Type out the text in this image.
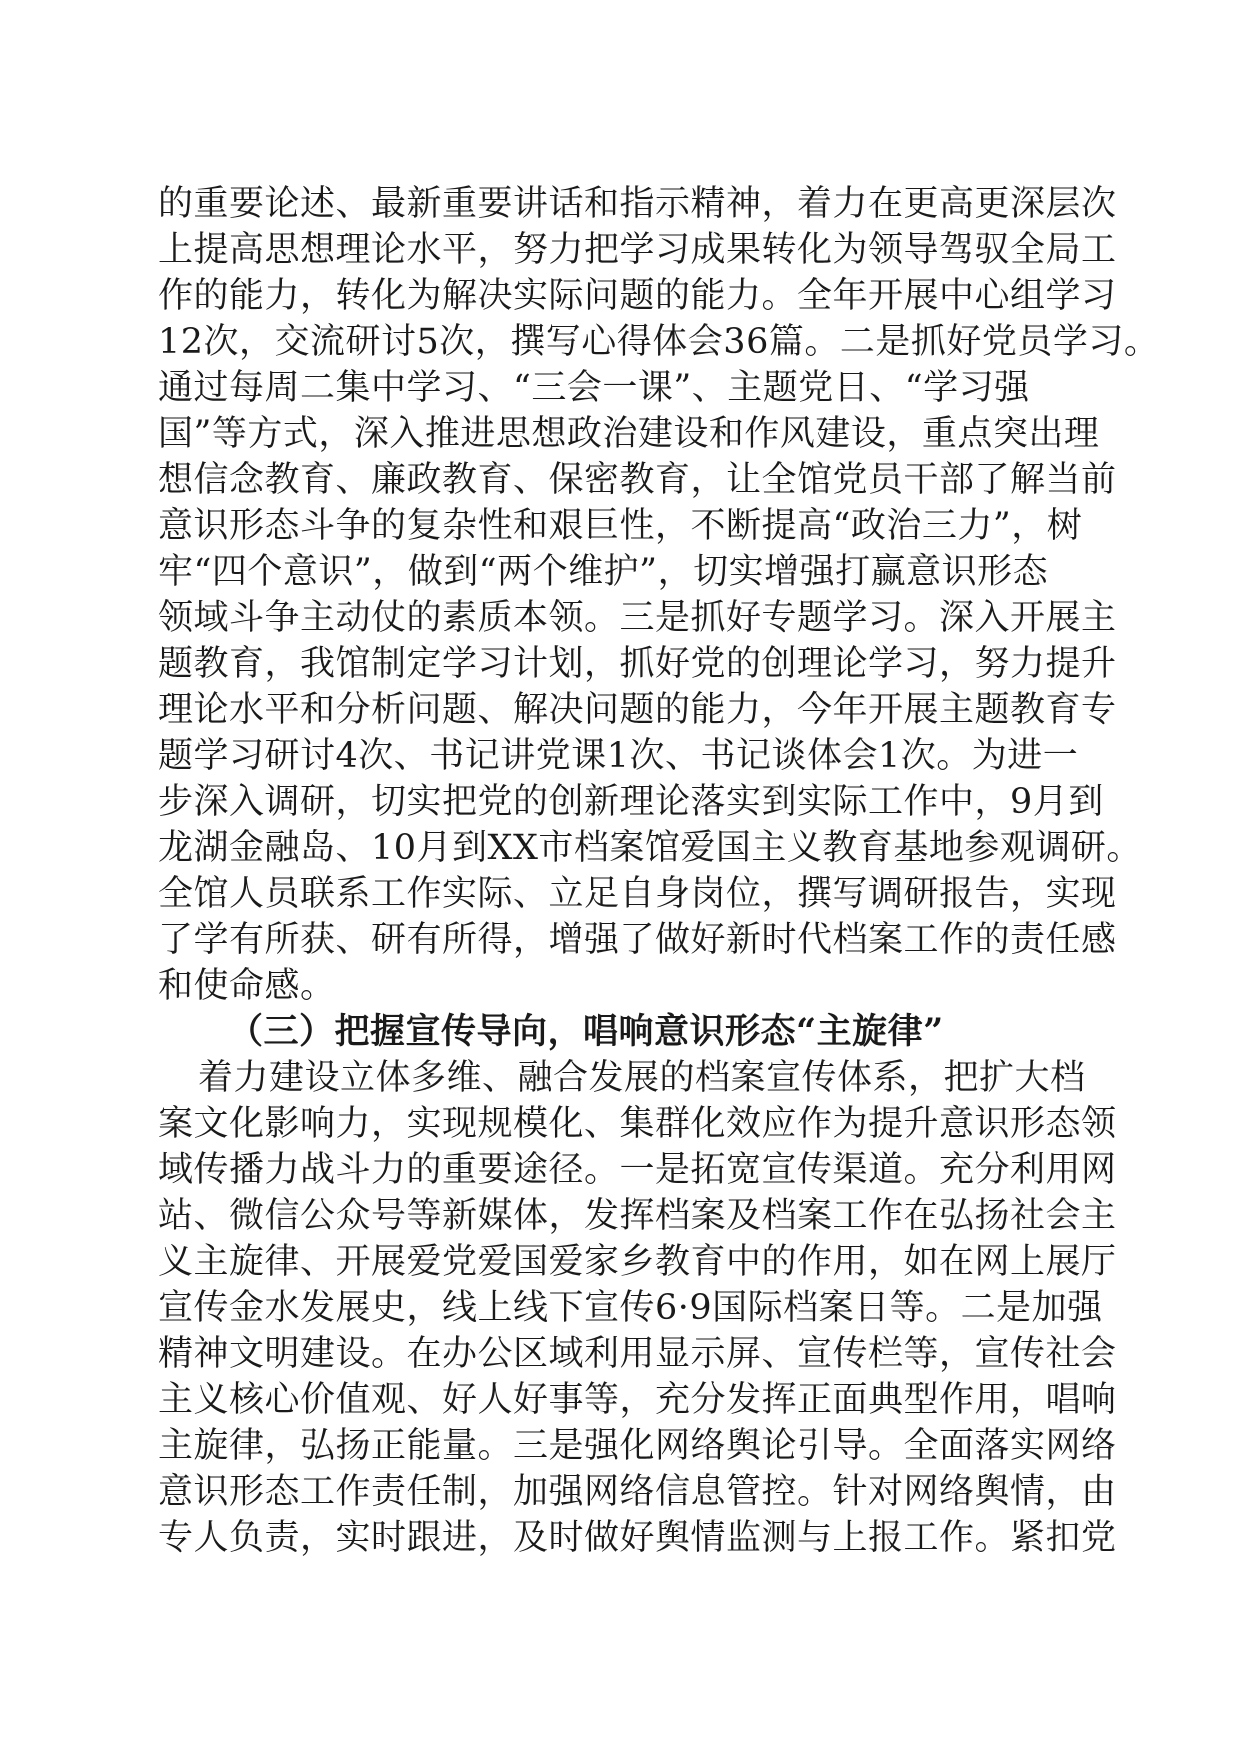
的重要论述、最新重要讲话和指示精神，着力在更高更深层次
上提高思想理论水平，努力把学习成果转化为领导驾驭全局工
作的能力，转化为解决实际问题的能力。全年开展中心组学习
12次，交流研讨5次，撰写心得体会36篇。二是抓好党员学习。
通过每周二集中学习、“三会一课”、主题党日、“学习强
国”等方式，深入推进思想政治建设和作风建设，重点突出理
想信念教育、廉政教育、保密教育，让全馆党员干部了解当前
意识形态斗争的复杂性和艰巨性，不断提高“政治三力”，树
牢“四个意识”，做到“两个维护”，切实增强打赢意识形态
领域斗争主动仗的素质本领。三是抓好专题学习。深入开展主
题教育，我馆制定学习计划，抓好党的创理论学习，努力提升
理论水平和分析问题、解决问题的能力，今年开展主题教育专
题学习研讨4次、书记讲党课1次、书记谈体会1次。为进一
步深入调研，切实把党的创新理论落实到实际工作中，9月到
龙湖金融岛、10月到XX市档案馆爱国主义教育基地参观调研。
全馆人员联系工作实际、立足自身岗位，撰写调研报告，实现
了学有所获、研有所得，增强了做好新时代档案工作的责任感
和使命感。
（三）把握宣传导向，唱响意识形态“主旋律”
着力建设立体多维、融合发展的档案宣传体系，把扩大档
案文化影响力，实现规模化、集群化效应作为提升意识形态领
域传播力战斗力的重要途径。一是拓宽宣传渠道。充分利用网
站、微信公众号等新媒体，发挥档案及档案工作在弘扬社会主
义主旋律、开展爱党爱国爱家乡教育中的作用，如在网上展厅
宣传金水发展史，线上线下宣传6·9国际档案日等。二是加强
精神文明建设。在办公区域利用显示屏、宣传栏等，宣传社会
主义核心价值观、好人好事等，充分发挥正面典型作用，唱响
主旋律，弘扬正能量。三是强化网络舆论引导。全面落实网络
意识形态工作责任制，加强网络信息管控。针对网络舆情，由
专人负责，实时跟进，及时做好舆情监测与上报工作。紧扣党
